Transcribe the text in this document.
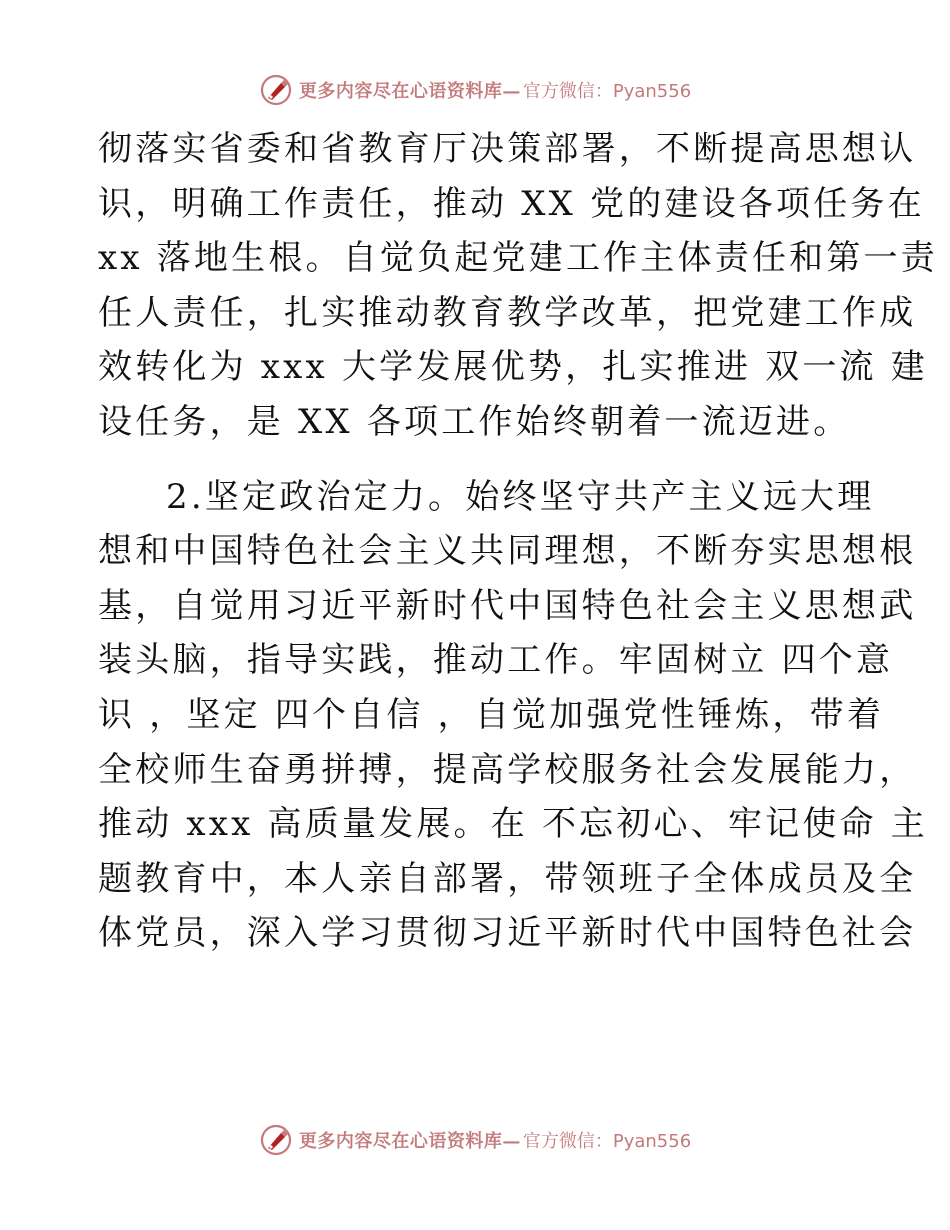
更多内容尽在心语资料库— 官方微信：Pyan556

彻落实省委和省教育厅决策部署，不断提高思想认
识，明确工作责任，推动 XX 党的建设各项任务在
xx 落地生根。自觉负起党建工作主体责任和第一责
任人责任，扎实推动教育教学改革，把党建工作成
效转化为 xxx 大学发展优势，扎实推进 双一流 建
设任务，是 XX 各项工作始终朝着一流迈进。

2.坚定政治定力。始终坚守共产主义远大理
想和中国特色社会主义共同理想，不断夯实思想根
基，自觉用习近平新时代中国特色社会主义思想武
装头脑，指导实践，推动工作。牢固树立 四个意
识 ，坚定 四个自信 ，自觉加强党性锤炼，带着
全校师生奋勇拼搏，提高学校服务社会发展能力，
推动 xxx 高质量发展。在 不忘初心、牢记使命 主
题教育中，本人亲自部署，带领班子全体成员及全
体党员，深入学习贯彻习近平新时代中国特色社会

更多内容尽在心语资料库— 官方微信：Pyan556
